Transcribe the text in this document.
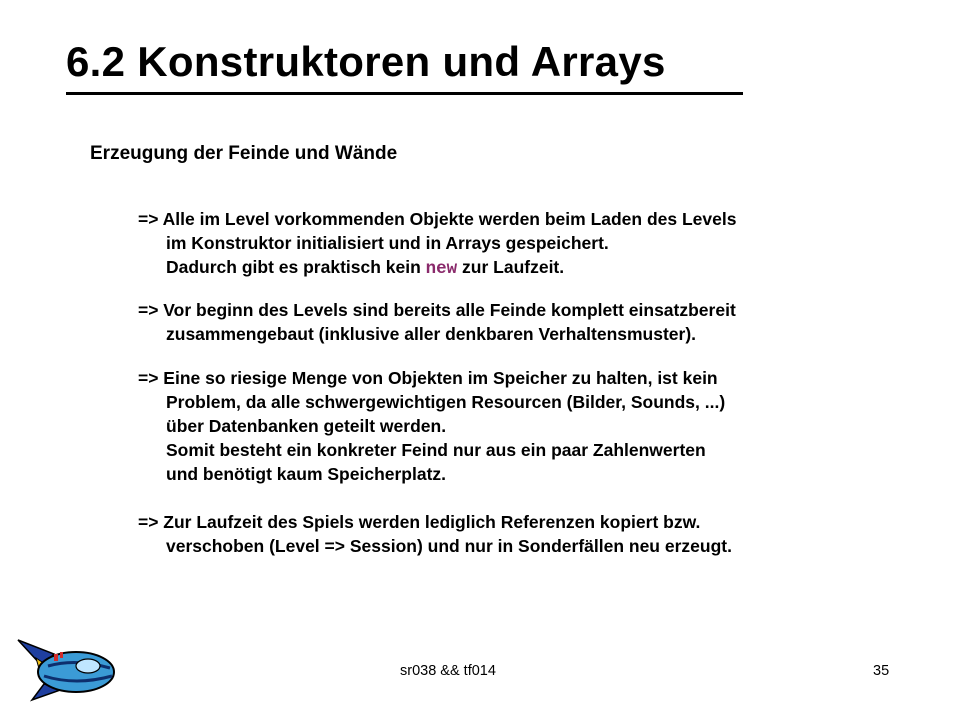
6.2 Konstruktoren und Arrays
Erzeugung der Feinde und Wände
=> Alle im Level vorkommenden Objekte werden beim Laden des Levels
im Konstruktor initialisiert und in Arrays gespeichert.
Dadurch gibt es praktisch kein new zur Laufzeit.
=> Vor beginn des Levels sind bereits alle Feinde komplett einsatzbereit
zusammengebaut (inklusive aller denkbaren Verhaltensmuster).
=> Eine so riesige Menge von Objekten im Speicher zu halten, ist kein
Problem, da alle schwergewichtigen Resourcen (Bilder, Sounds, ...)
über Datenbanken geteilt werden.
Somit besteht ein konkreter Feind nur aus ein paar Zahlenwerten
und benötigt kaum Speicherplatz.
=> Zur Laufzeit des Spiels werden lediglich Referenzen kopiert bzw.
verschoben (Level => Session) und nur in Sonderfällen neu erzeugt.
sr038 && tf014	35
